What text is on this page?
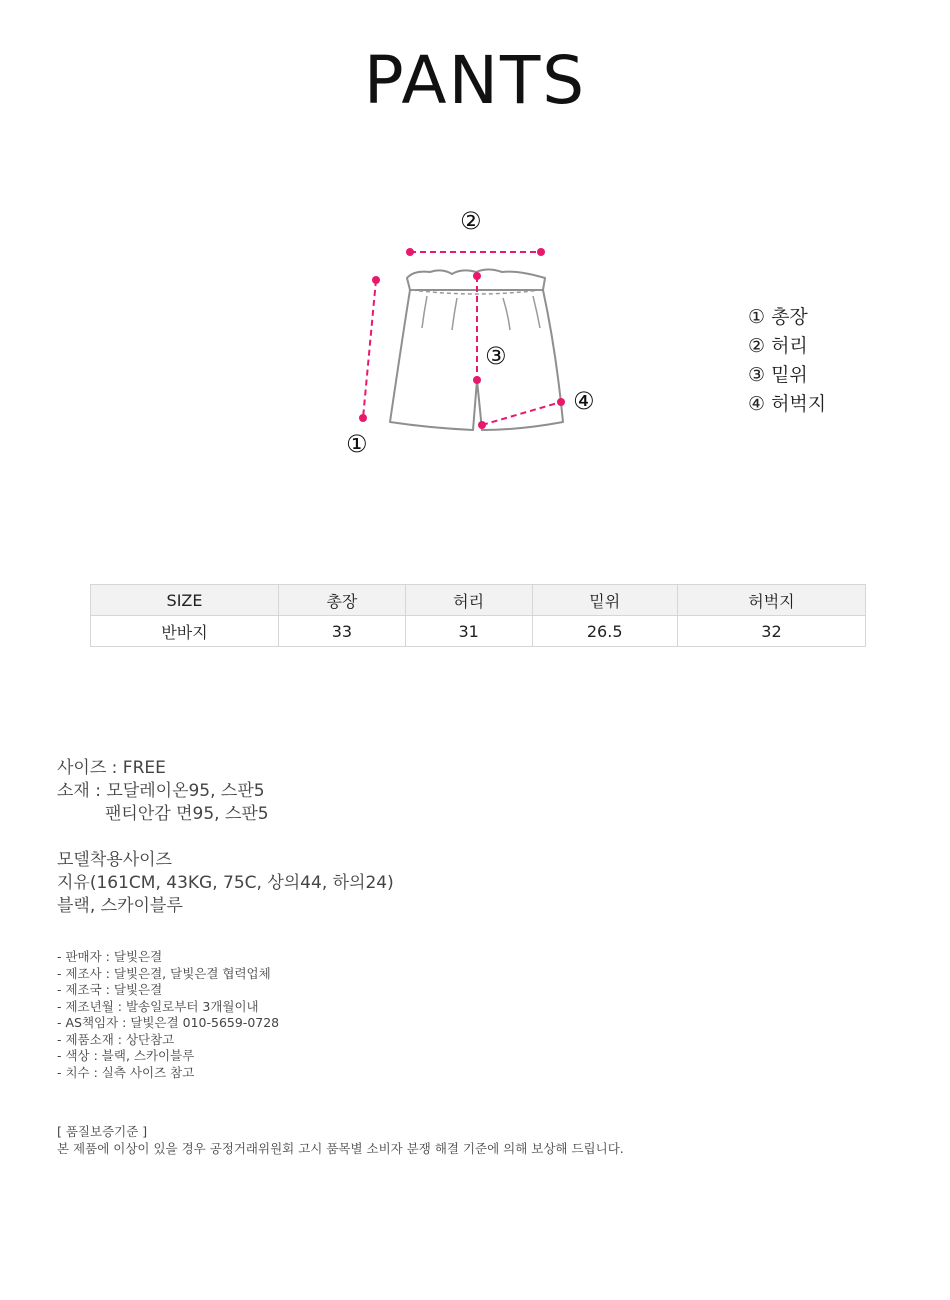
PANTS
①
②
③
④
① 총장
② 허리
③ 밑위
④ 허벅지
SIZE	총장	허리	밑위	허벅지
반바지	33	31	26.5	32
사이즈 : FREE
소재 : 모달레이온95, 스판5
팬티안감 면95, 스판5
모델착용사이즈
지유(161CM, 43KG, 75C, 상의44, 하의24)
블랙, 스카이블루
- 판매자 : 달빛은결
- 제조사 : 달빛은결, 달빛은결 협력업체
- 제조국 : 달빛은결
- 제조년월 : 발송일로부터 3개월이내
- AS책임자 : 달빛은결 010-5659-0728
- 제품소재 : 상단참고
- 색상 : 블랙, 스카이블루
- 치수 : 실측 사이즈 참고
[ 품질보증기준 ]
본 제품에 이상이 있을 경우 공정거래위원회 고시 품목별 소비자 분쟁 해결 기준에 의해 보상해 드립니다.
